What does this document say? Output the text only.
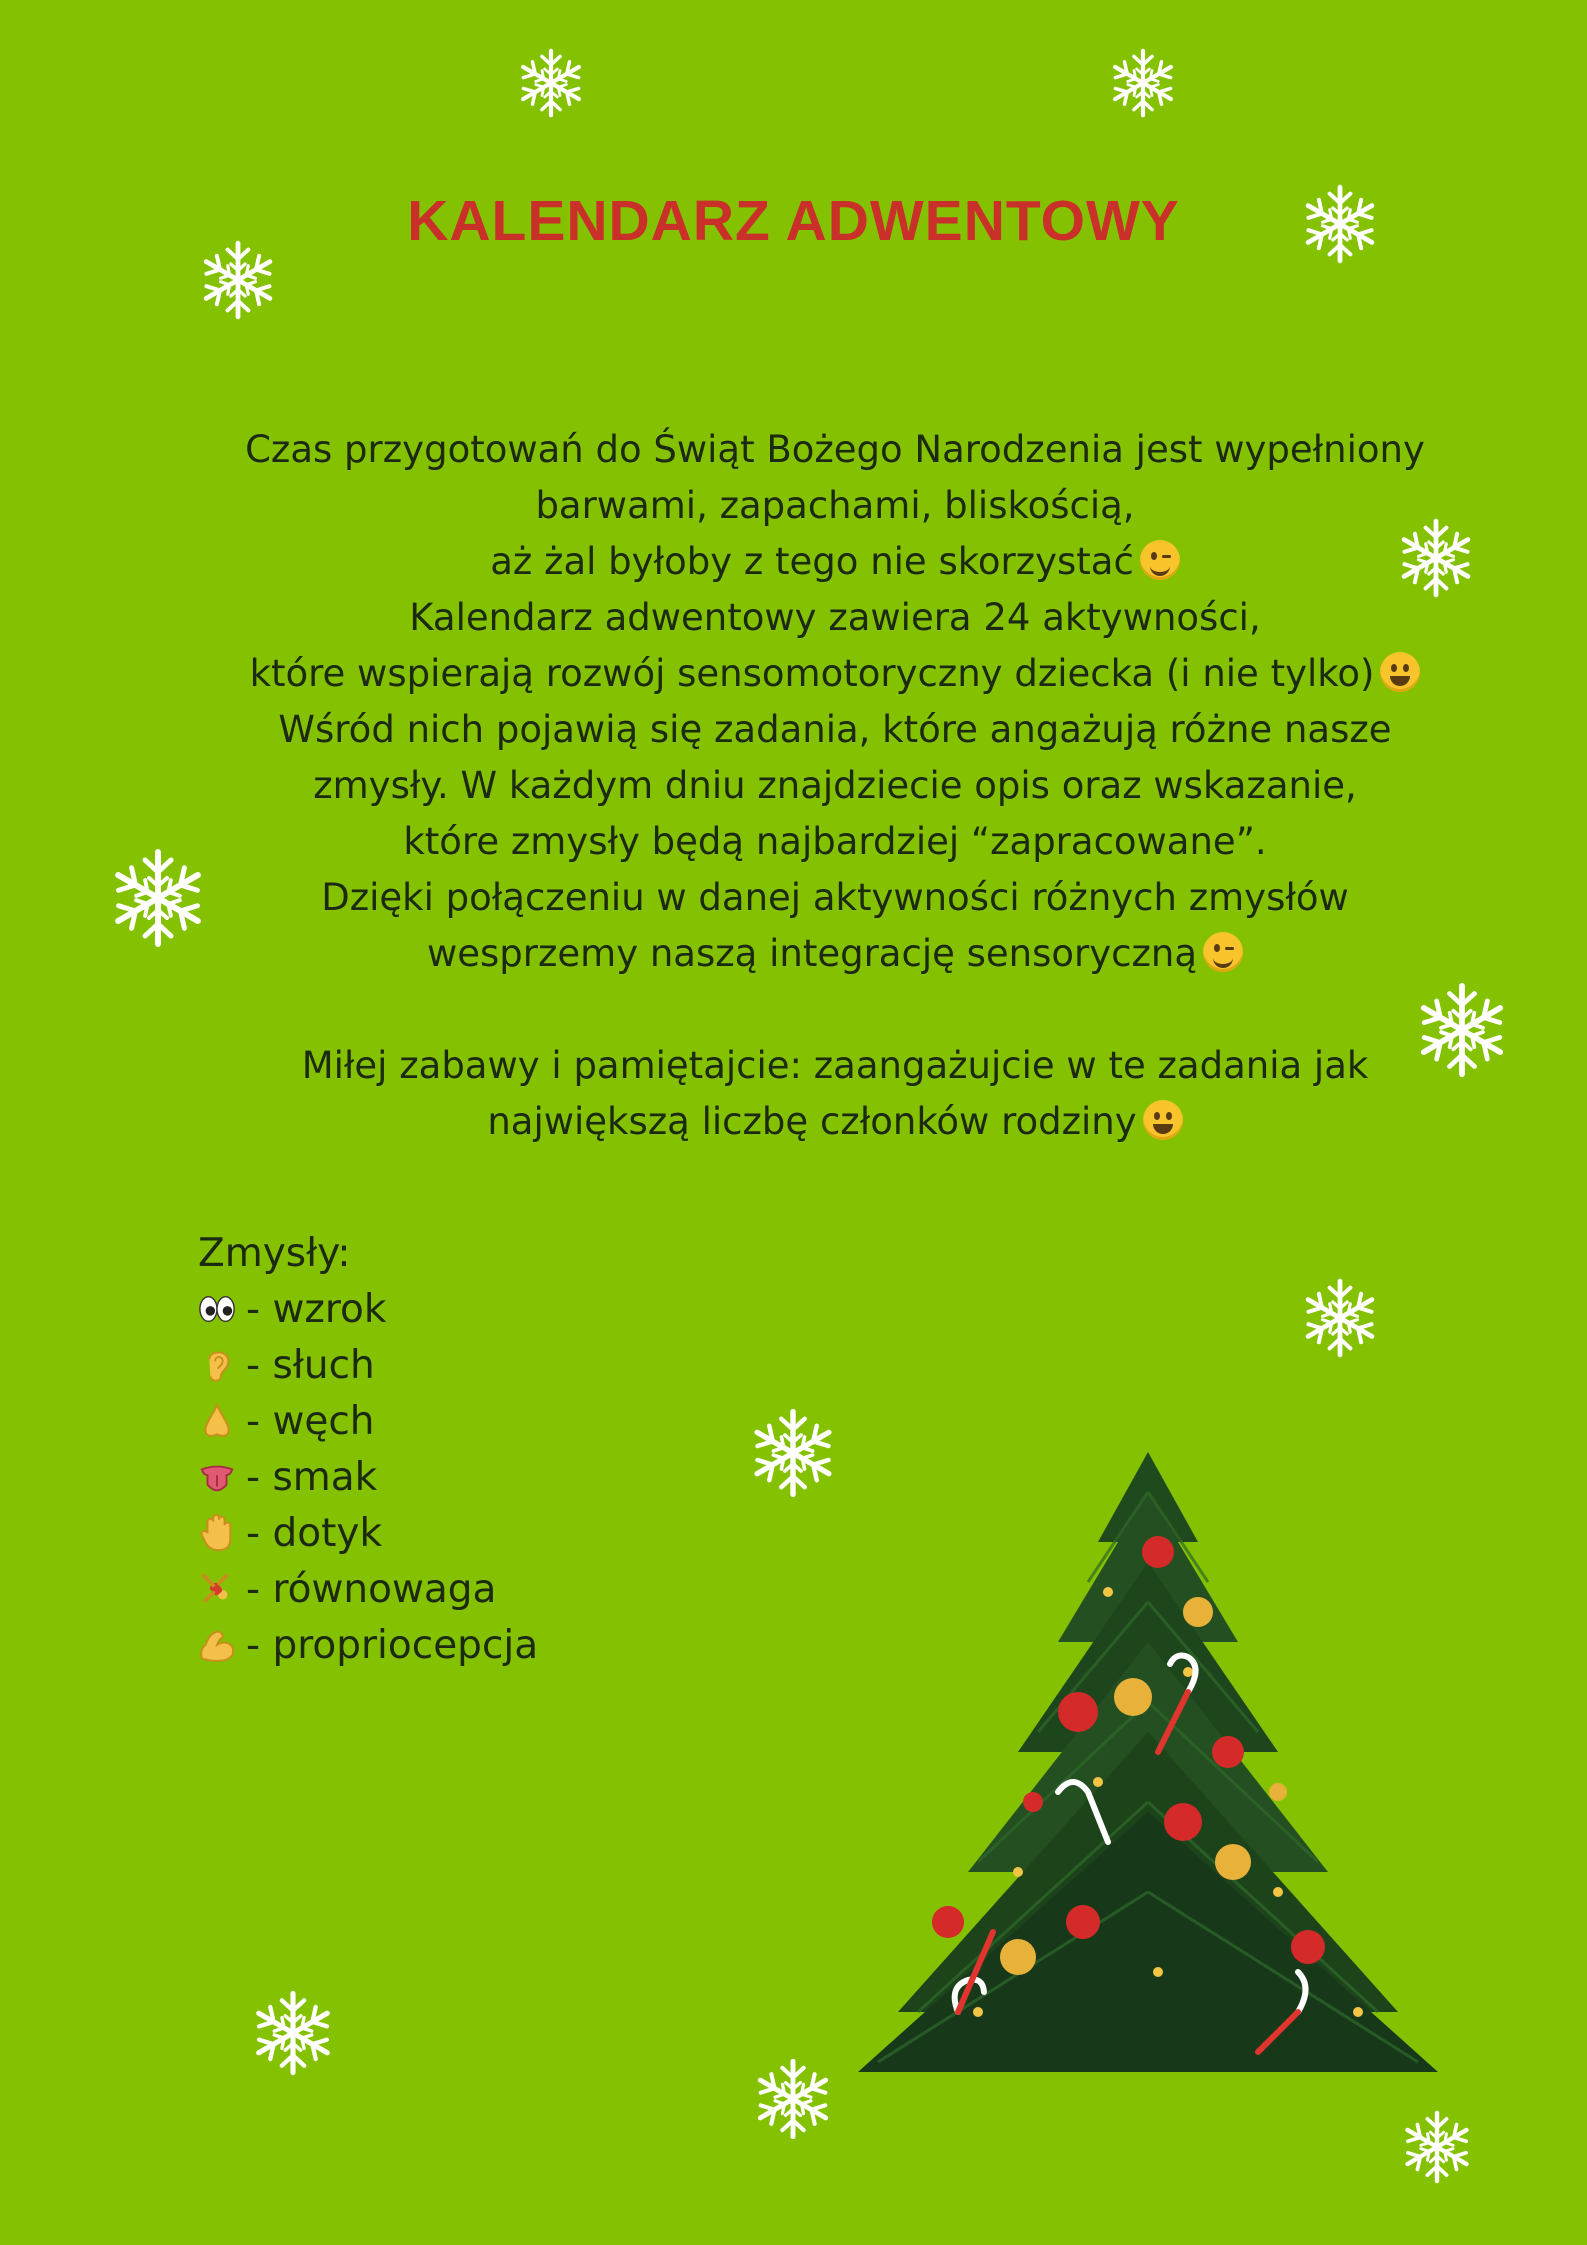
KALENDARZ ADWENTOWY

Czas przygotowań do Świąt Bożego Narodzenia jest wypełniony
barwami, zapachami, bliskością,
aż żal byłoby z tego nie skorzystać
Kalendarz adwentowy zawiera 24 aktywności,
które wspierają rozwój sensomotoryczny dziecka (i nie tylko)
Wśród nich pojawią się zadania, które angażują różne nasze
zmysły. W każdym dniu znajdziecie opis oraz wskazanie,
które zmysły będą najbardziej “zapracowane”.
Dzięki połączeniu w danej aktywności różnych zmysłów
wesprzemy naszą integrację sensoryczną
Miłej zabawy i pamiętajcie: zaangażujcie w te zadania jak
największą liczbę członków rodziny

Zmysły:
- wzrok
- słuch
- węch
- smak
- dotyk
- równowaga
- propriocepcja
